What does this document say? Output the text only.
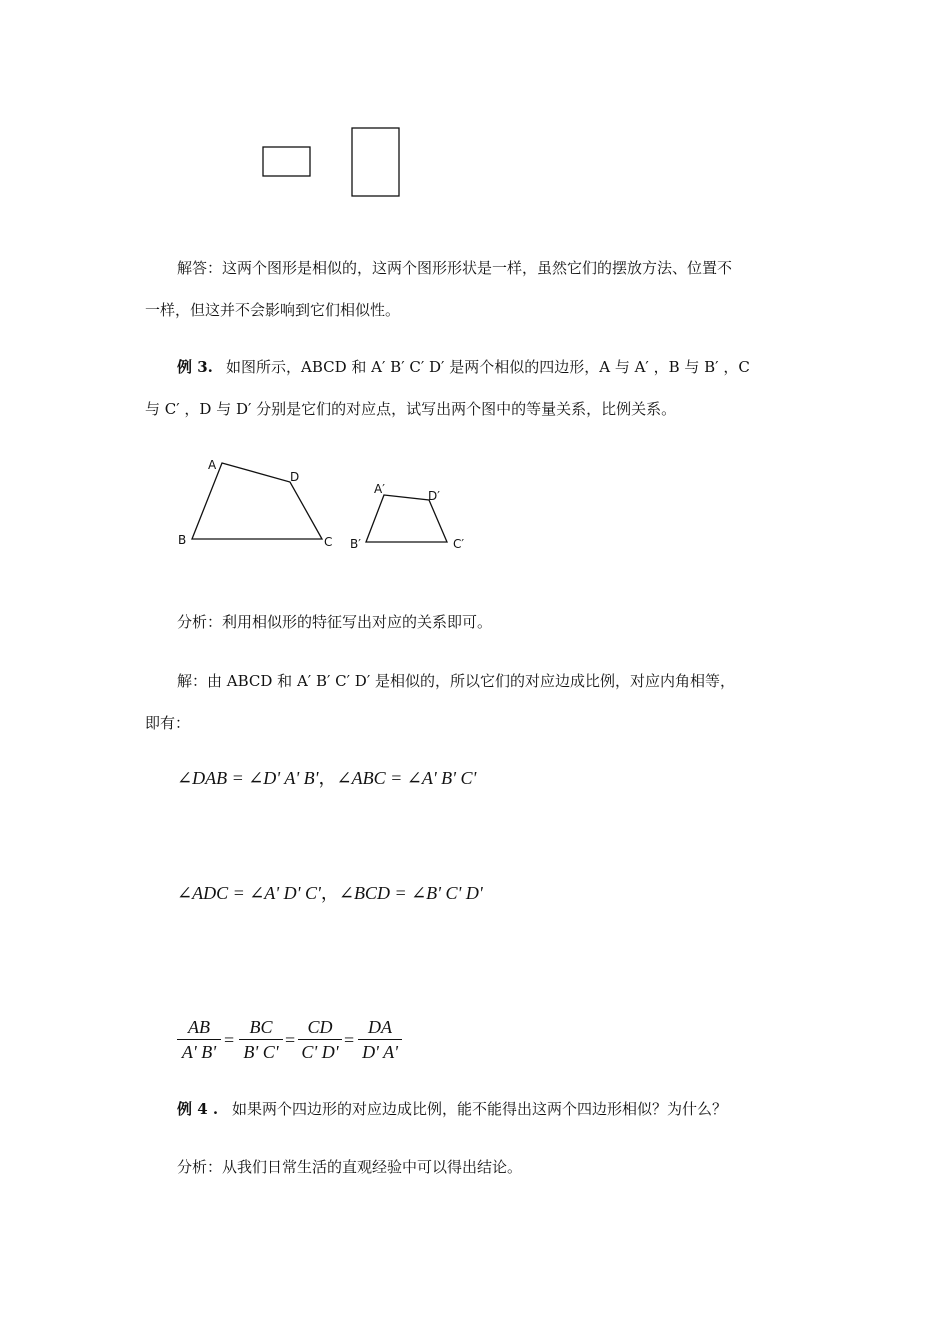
解答：这两个图形是相似的，这两个图形形状是一样，虽然它们的摆放方法、位置不
一样，但这并不会影响到它们相似性。
例 3. 如图所示，ABCD 和 A′ B′ C′ D′ 是两个相似的四边形，A 与 A′ ，B 与 B′ ，C
与 C′ ，D 与 D′ 分别是它们的对应点，试写出两个图中的等量关系，比例关系。
A
D
B	C
A′	D′
B′	C′
分析：利用相似形的特征写出对应的关系即可。
解：由 ABCD 和 A′ B′ C′ D′ 是相似的，所以它们的对应边成比例，对应内角相等，
即有：
∠DAB = ∠D' A' B'，∠ABC = ∠A' B' C'
∠ADC = ∠A' D' C'，∠BCD = ∠B' C' D'
AB
A' B'
=
BC
B' C'
=
CD
C' D'
=
DA
D' A'
例 4 . 如果两个四边形的对应边成比例，能不能得出这两个四边形相似？为什么？
分析：从我们日常生活的直观经验中可以得出结论。
